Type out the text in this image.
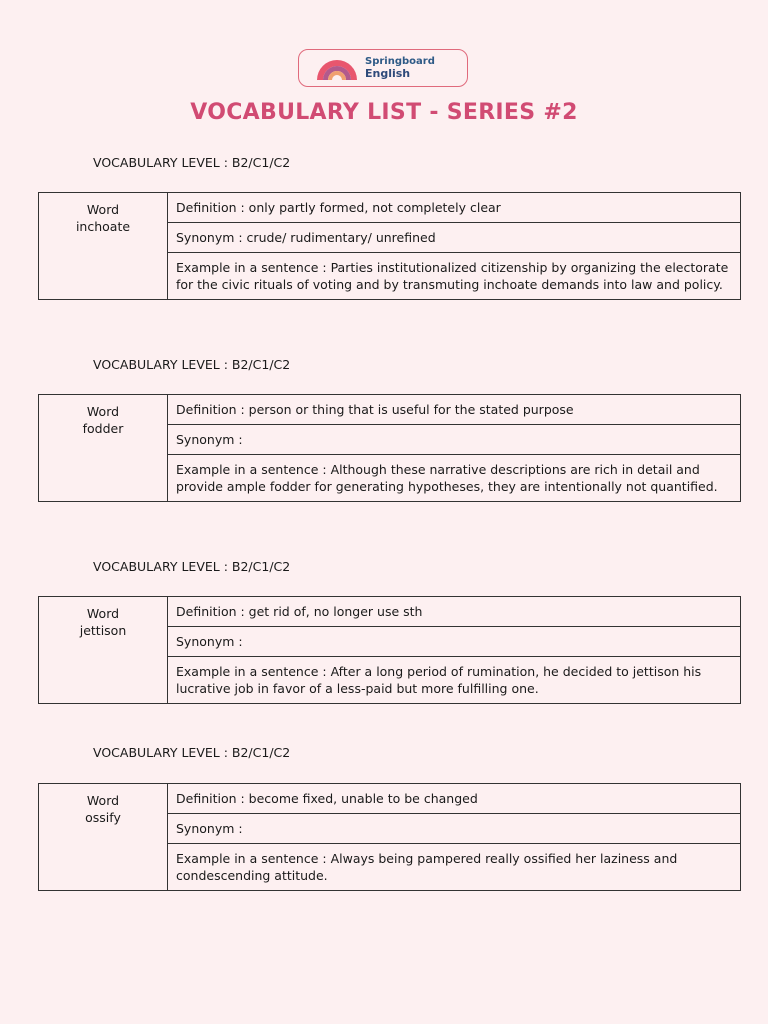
Springboard
English
VOCABULARY LIST - SERIES #2
VOCABULARY LEVEL : B2/C1/C2
Word
inchoate
	Definition : only partly formed, not completely clear
Synonym : crude/ rudimentary/ unrefined
Example in a sentence : Parties institutionalized citizenship by organizing the electorate for the civic rituals of voting and by transmuting inchoate demands into law and policy.
VOCABULARY LEVEL : B2/C1/C2
Word
fodder
	Definition : person or thing that is useful for the stated purpose
Synonym :
Example in a sentence : Although these narrative descriptions are rich in detail and provide ample fodder for generating hypotheses, they are intentionally not quantified.
VOCABULARY LEVEL : B2/C1/C2
Word
jettison
	Definition : get rid of, no longer use sth
Synonym :
Example in a sentence : After a long period of rumination, he decided to jettison his lucrative job in favor of a less-paid but more fulfilling one.
VOCABULARY LEVEL : B2/C1/C2
Word
ossify
	Definition : become fixed, unable to be changed
Synonym :
Example in a sentence : Always being pampered really ossified her laziness and condescending attitude.
